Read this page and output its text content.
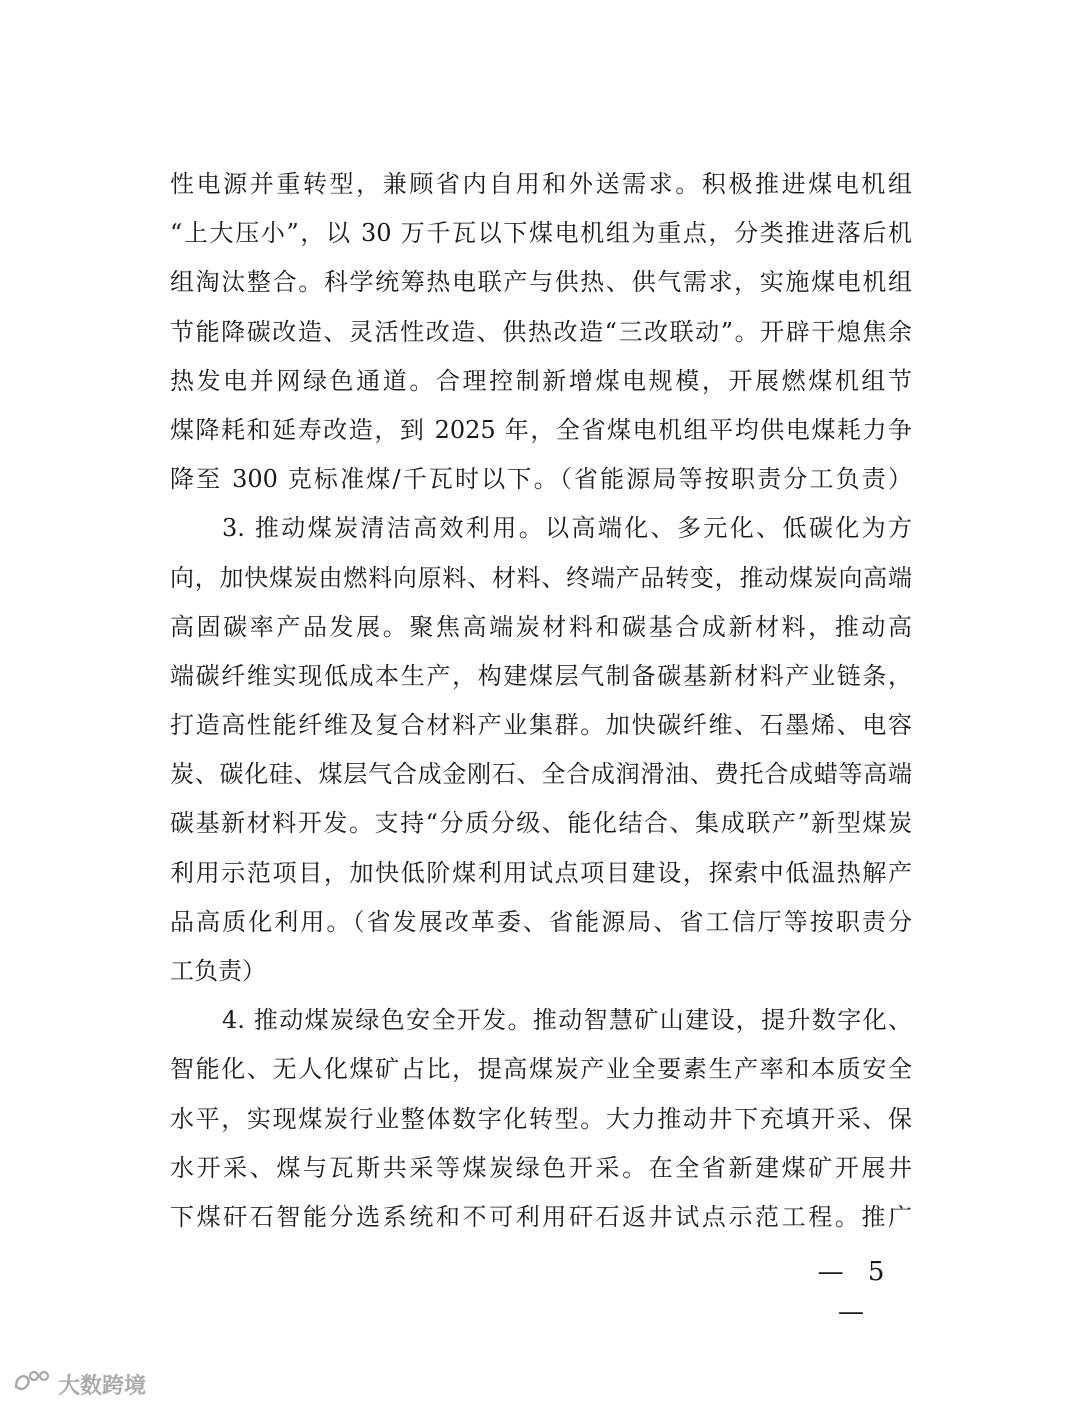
性电源并重转型，兼顾省内自用和外送需求。积极推进煤电机组
“上大压小”，以 30 万千瓦以下煤电机组为重点，分类推进落后机
组淘汰整合。科学统筹热电联产与供热、供气需求，实施煤电机组
节能降碳改造、灵活性改造、供热改造“三改联动”。开辟干熄焦余
热发电并网绿色通道。合理控制新增煤电规模，开展燃煤机组节
煤降耗和延寿改造，到 2025 年，全省煤电机组平均供电煤耗力争
降至 300 克标准煤/千瓦时以下。（省能源局等按职责分工负责）
3. 推动煤炭清洁高效利用。以高端化、多元化、低碳化为方
向，加快煤炭由燃料向原料、材料、终端产品转变，推动煤炭向高端
高固碳率产品发展。聚焦高端炭材料和碳基合成新材料，推动高
端碳纤维实现低成本生产，构建煤层气制备碳基新材料产业链条，
打造高性能纤维及复合材料产业集群。加快碳纤维、石墨烯、电容
炭、碳化硅、煤层气合成金刚石、全合成润滑油、费托合成蜡等高端
碳基新材料开发。支持“分质分级、能化结合、集成联产”新型煤炭
利用示范项目，加快低阶煤利用试点项目建设，探索中低温热解产
品高质化利用。（省发展改革委、省能源局、省工信厅等按职责分
工负责）
4. 推动煤炭绿色安全开发。推动智慧矿山建设，提升数字化、
智能化、无人化煤矿占比，提高煤炭产业全要素生产率和本质安全
水平，实现煤炭行业整体数字化转型。大力推动井下充填开采、保
水开采、煤与瓦斯共采等煤炭绿色开采。在全省新建煤矿开展井
下煤矸石智能分选系统和不可利用矸石返井试点示范工程。推广
— 5 —
大数跨境
